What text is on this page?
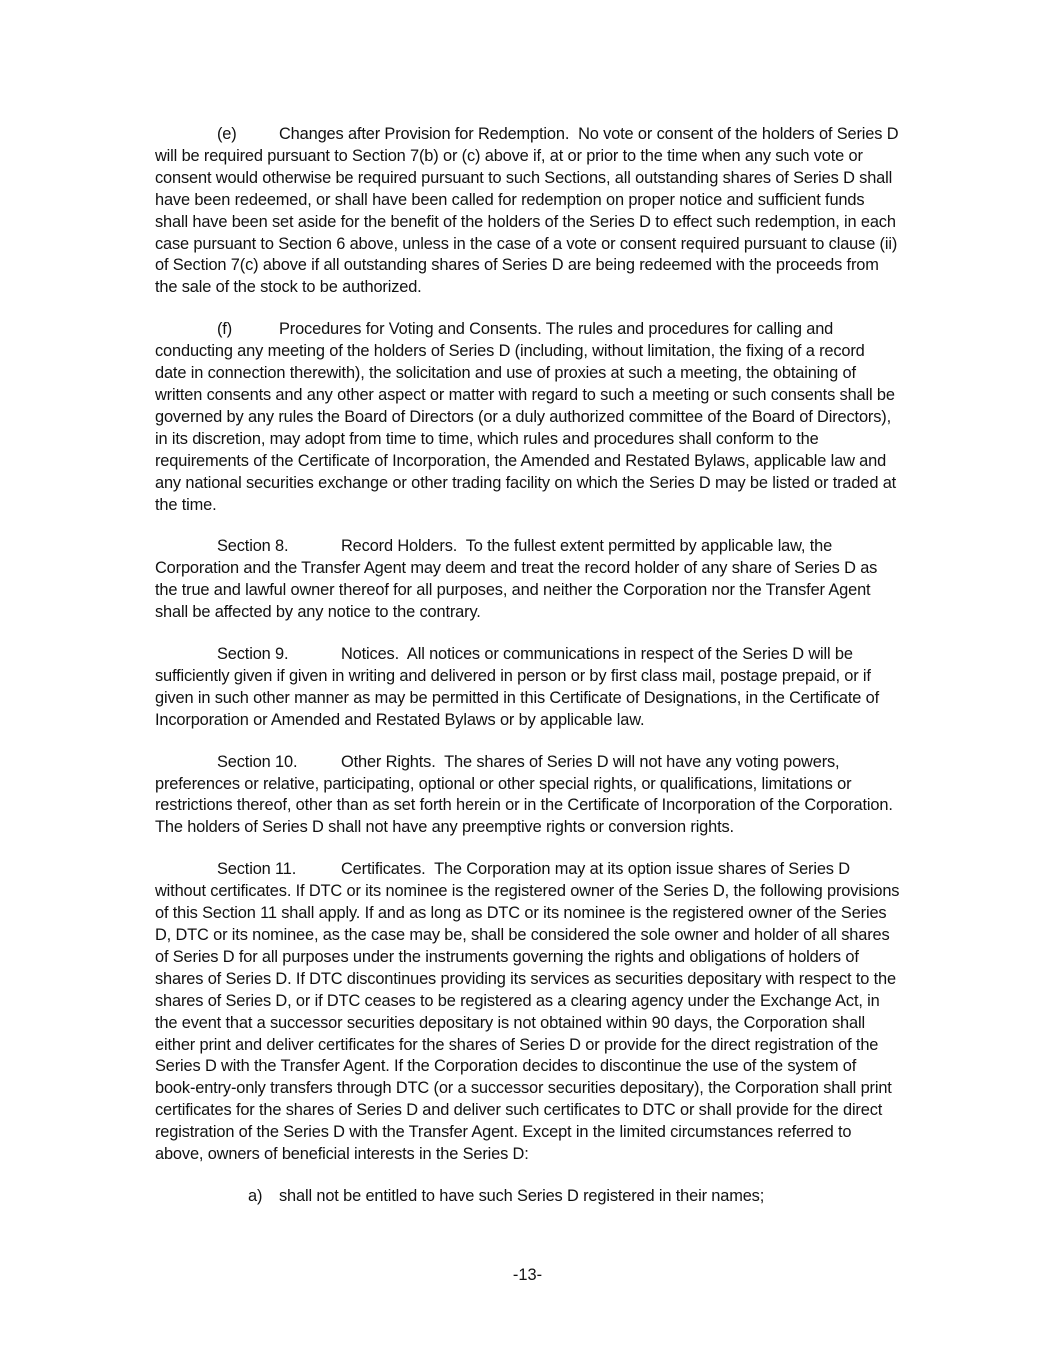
(e)	Changes after Provision for Redemption. No vote or consent of the holders of Series D will be required pursuant to Section 7(b) or (c) above if, at or prior to the time when any such vote or consent would otherwise be required pursuant to such Sections, all outstanding shares of Series D shall have been redeemed, or shall have been called for redemption on proper notice and sufficient funds shall have been set aside for the benefit of the holders of the Series D to effect such redemption, in each case pursuant to Section 6 above, unless in the case of a vote or consent required pursuant to clause (ii) of Section 7(c) above if all outstanding shares of Series D are being redeemed with the proceeds from the sale of the stock to be authorized.

(f)	Procedures for Voting and Consents. The rules and procedures for calling and conducting any meeting of the holders of Series D (including, without limitation, the fixing of a record date in connection therewith), the solicitation and use of proxies at such a meeting, the obtaining of written consents and any other aspect or matter with regard to such a meeting or such consents shall be governed by any rules the Board of Directors (or a duly authorized committee of the Board of Directors), in its discretion, may adopt from time to time, which rules and procedures shall conform to the requirements of the Certificate of Incorporation, the Amended and Restated Bylaws, applicable law and any national securities exchange or other trading facility on which the Series D may be listed or traded at the time.

Section 8.	Record Holders. To the fullest extent permitted by applicable law, the Corporation and the Transfer Agent may deem and treat the record holder of any share of Series D as the true and lawful owner thereof for all purposes, and neither the Corporation nor the Transfer Agent shall be affected by any notice to the contrary.

Section 9.	Notices. All notices or communications in respect of the Series D will be sufficiently given if given in writing and delivered in person or by first class mail, postage prepaid, or if given in such other manner as may be permitted in this Certificate of Designations, in the Certificate of Incorporation or Amended and Restated Bylaws or by applicable law.

Section 10.	Other Rights. The shares of Series D will not have any voting powers, preferences or relative, participating, optional or other special rights, or qualifications, limitations or restrictions thereof, other than as set forth herein or in the Certificate of Incorporation of the Corporation. The holders of Series D shall not have any preemptive rights or conversion rights.

Section 11.	Certificates. The Corporation may at its option issue shares of Series D without certificates. If DTC or its nominee is the registered owner of the Series D, the following provisions of this Section 11 shall apply. If and as long as DTC or its nominee is the registered owner of the Series D, DTC or its nominee, as the case may be, shall be considered the sole owner and holder of all shares of Series D for all purposes under the instruments governing the rights and obligations of holders of shares of Series D. If DTC discontinues providing its services as securities depositary with respect to the shares of Series D, or if DTC ceases to be registered as a clearing agency under the Exchange Act, in the event that a successor securities depositary is not obtained within 90 days, the Corporation shall either print and deliver certificates for the shares of Series D or provide for the direct registration of the Series D with the Transfer Agent. If the Corporation decides to discontinue the use of the system of book-entry-only transfers through DTC (or a successor securities depositary), the Corporation shall print certificates for the shares of Series D and deliver such certificates to DTC or shall provide for the direct registration of the Series D with the Transfer Agent. Except in the limited circumstances referred to above, owners of beneficial interests in the Series D:

a) shall not be entitled to have such Series D registered in their names;

-13-
